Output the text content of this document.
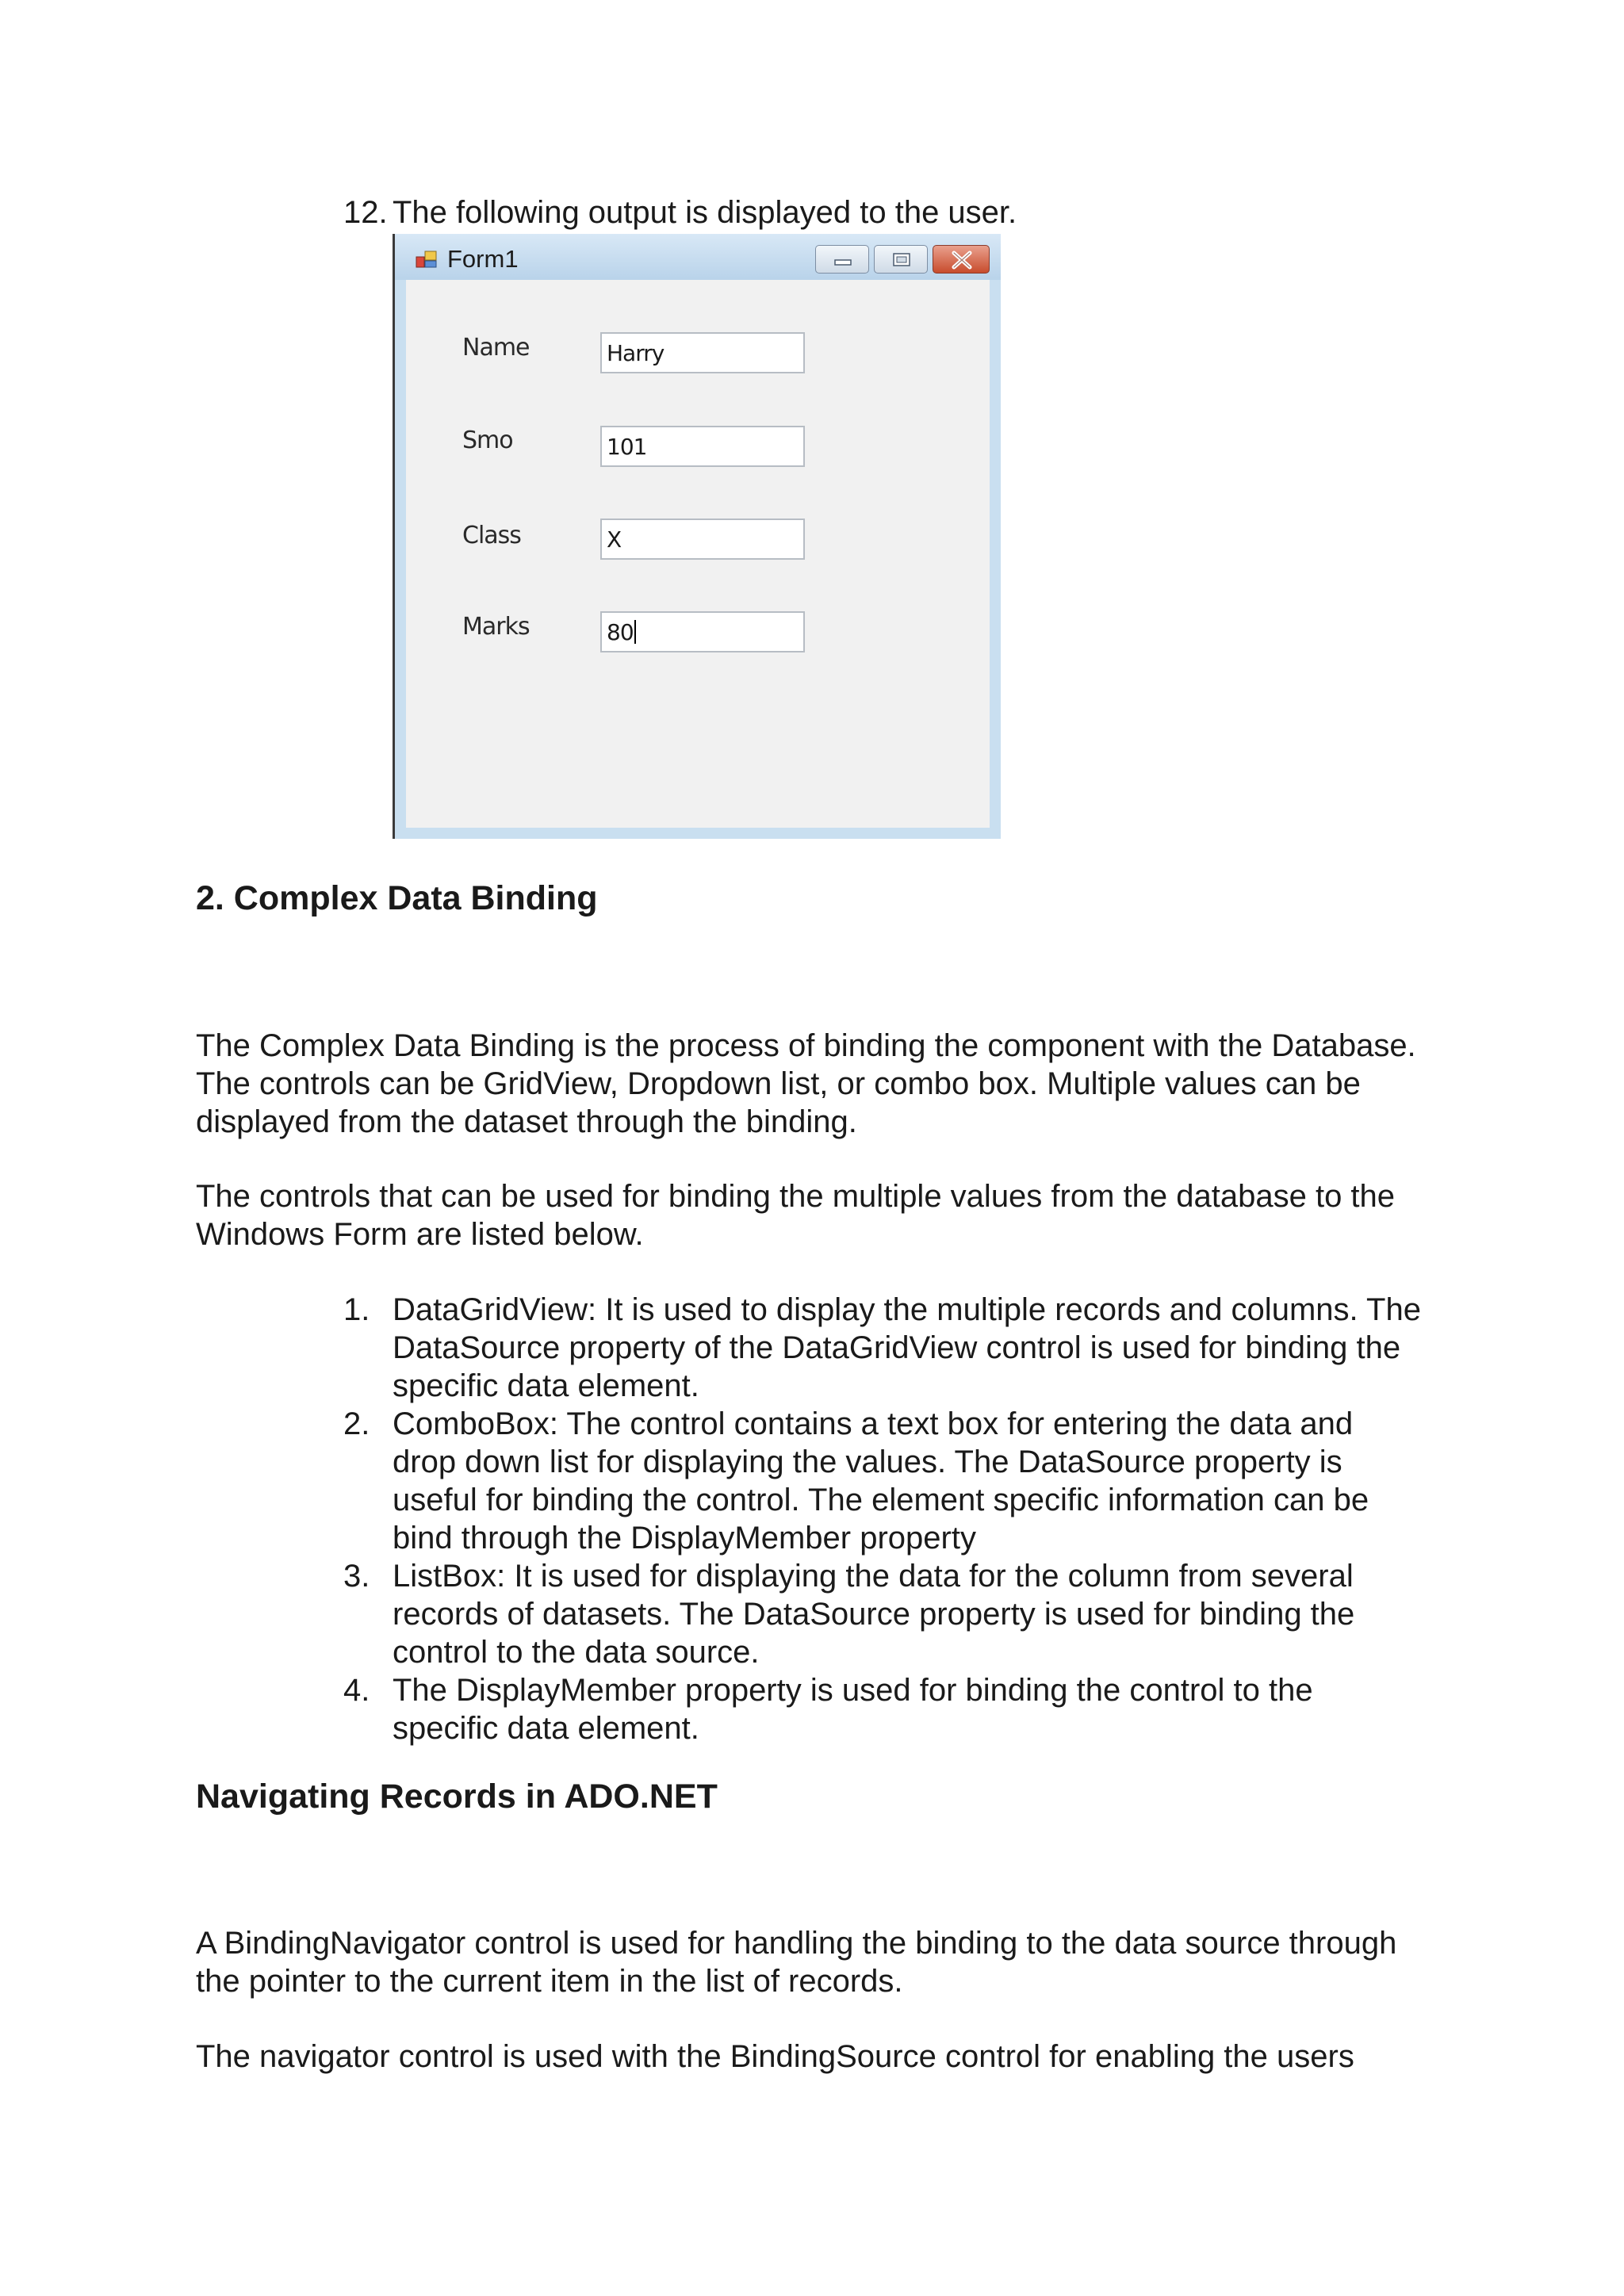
12. The following output is displayed to the user.
Form1
Name	Harry
Smo	101
Class	X
Marks	80
2. Complex Data Binding
The Complex Data Binding is the process of binding the component with the Database. The controls can be GridView, Dropdown list, or combo box. Multiple values can be displayed from the dataset through the binding.
The controls that can be used for binding the multiple values from the database to the Windows Form are listed below.
1. DataGridView: It is used to display the multiple records and columns. The DataSource property of the DataGridView control is used for binding the specific data element.
2. ComboBox: The control contains a text box for entering the data and drop down list for displaying the values. The DataSource property is useful for binding the control. The element specific information can be bind through the DisplayMember property
3. ListBox: It is used for displaying the data for the column from several records of datasets. The DataSource property is used for binding the control to the data source.
4. The DisplayMember property is used for binding the control to the specific data element.
Navigating Records in ADO.NET
A BindingNavigator control is used for handling the binding to the data source through the pointer to the current item in the list of records.
The navigator control is used with the BindingSource control for enabling the users
